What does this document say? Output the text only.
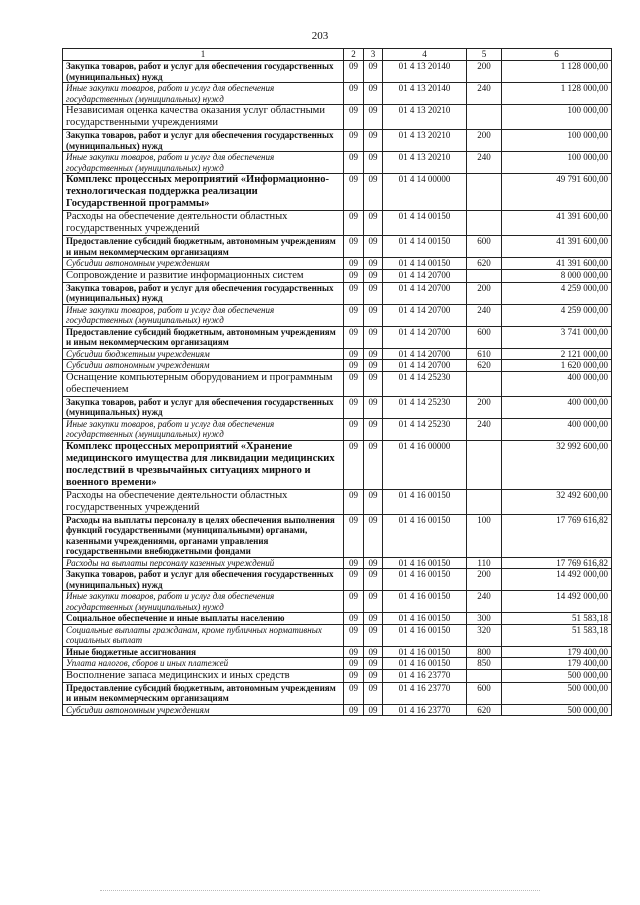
203
1	2	3	4	5	6
Закупка товаров, работ и услуг для обеспечения государственных (муниципальных) нужд	09	09	01 4 13 20140	200	1 128 000,00
Иные закупки товаров, работ и услуг для обеспечения государственных (муниципальных) нужд	09	09	01 4 13 20140	240	1 128 000,00
Независимая оценка качества оказания услуг областными государственными учреждениями	09	09	01 4 13 20210		100 000,00
Закупка товаров, работ и услуг для обеспечения государственных (муниципальных) нужд	09	09	01 4 13 20210	200	100 000,00
Иные закупки товаров, работ и услуг для обеспечения государственных (муниципальных) нужд	09	09	01 4 13 20210	240	100 000,00
Комплекс процессных мероприятий «Информационно-технологическая поддержка реализации Государственной программы»	09	09	01 4 14 00000		49 791 600,00
Расходы на обеспечение деятельности областных государственных учреждений	09	09	01 4 14 00150		41 391 600,00
Предоставление субсидий бюджетным, автономным учреждениям и иным некоммерческим организациям	09	09	01 4 14 00150	600	41 391 600,00
Субсидии автономным учреждениям	09	09	01 4 14 00150	620	41 391 600,00
Сопровождение и развитие информационных систем	09	09	01 4 14 20700		8 000 000,00
Закупка товаров, работ и услуг для обеспечения государственных (муниципальных) нужд	09	09	01 4 14 20700	200	4 259 000,00
Иные закупки товаров, работ и услуг для обеспечения государственных (муниципальных) нужд	09	09	01 4 14 20700	240	4 259 000,00
Предоставление субсидий бюджетным, автономным учреждениям и иным некоммерческим организациям	09	09	01 4 14 20700	600	3 741 000,00
Субсидии бюджетным учреждениям	09	09	01 4 14 20700	610	2 121 000,00
Субсидии автономным учреждениям	09	09	01 4 14 20700	620	1 620 000,00
Оснащение компьютерным оборудованием и программным обеспечением	09	09	01 4 14 25230		400 000,00
Закупка товаров, работ и услуг для обеспечения государственных (муниципальных) нужд	09	09	01 4 14 25230	200	400 000,00
Иные закупки товаров, работ и услуг для обеспечения государственных (муниципальных) нужд	09	09	01 4 14 25230	240	400 000,00
Комплекс процессных мероприятий «Хранение медицинского имущества для ликвидации медицинских последствий в чрезвычайных ситуациях мирного и военного времени»	09	09	01 4 16 00000		32 992 600,00
Расходы на обеспечение деятельности областных государственных учреждений	09	09	01 4 16 00150		32 492 600,00
Расходы на выплаты персоналу в целях обеспечения выполнения функций государственными (муниципальными) органами, казенными учреждениями, органами управления государственными внебюджетными фондами	09	09	01 4 16 00150	100	17 769 616,82
Расходы на выплаты персоналу казенных учреждений	09	09	01 4 16 00150	110	17 769 616,82
Закупка товаров, работ и услуг для обеспечения государственных (муниципальных) нужд	09	09	01 4 16 00150	200	14 492 000,00
Иные закупки товаров, работ и услуг для обеспечения государственных (муниципальных) нужд	09	09	01 4 16 00150	240	14 492 000,00
Социальное обеспечение и иные выплаты населению	09	09	01 4 16 00150	300	51 583,18
Социальные выплаты гражданам, кроме публичных нормативных социальных выплат	09	09	01 4 16 00150	320	51 583,18
Иные бюджетные ассигнования	09	09	01 4 16 00150	800	179 400,00
Уплата налогов, сборов и иных платежей	09	09	01 4 16 00150	850	179 400,00
Восполнение запаса медицинских и иных средств	09	09	01 4 16 23770		500 000,00
Предоставление субсидий бюджетным, автономным учреждениям и иным некоммерческим организациям	09	09	01 4 16 23770	600	500 000,00
Субсидии автономным учреждениям	09	09	01 4 16 23770	620	500 000,00
